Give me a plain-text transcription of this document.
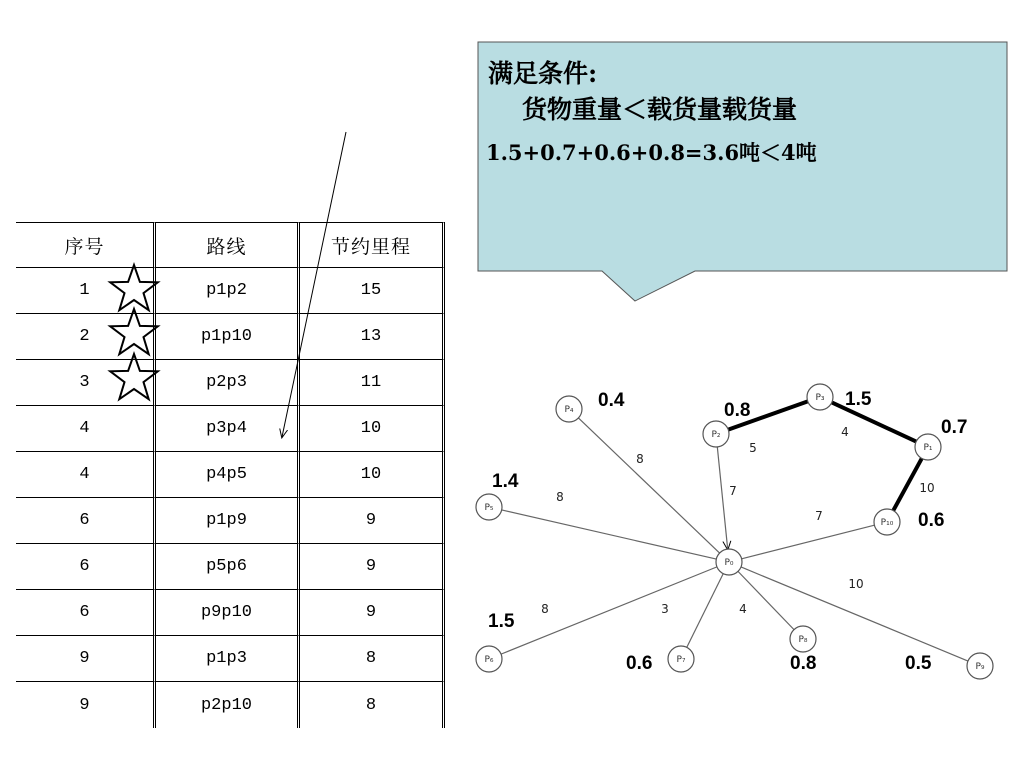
序号	路线	节约里程
1	p1p2	15
2	p1p10	13
3	p2p3	11
4	p3p4	10
4	p4p5	10
6	p1p9	9
6	p5p6	9
6	p9p10	9
9	p1p3	8
9	p2p10	8
满足条件:
货物重量＜载货量载货量
1.5+0.7+0.6+0.8=3.6吨＜4吨
8
7
7
8
8	3	4
10
5
4
10
P₀
P₄ 0.4
P₂
0.8
P₃ 1.5
P₁
0.7
P₁₀ 0.6
P₅
1.4
P₆
1.5
P₇
0.6
P₈
0.8	P₉
0.5
